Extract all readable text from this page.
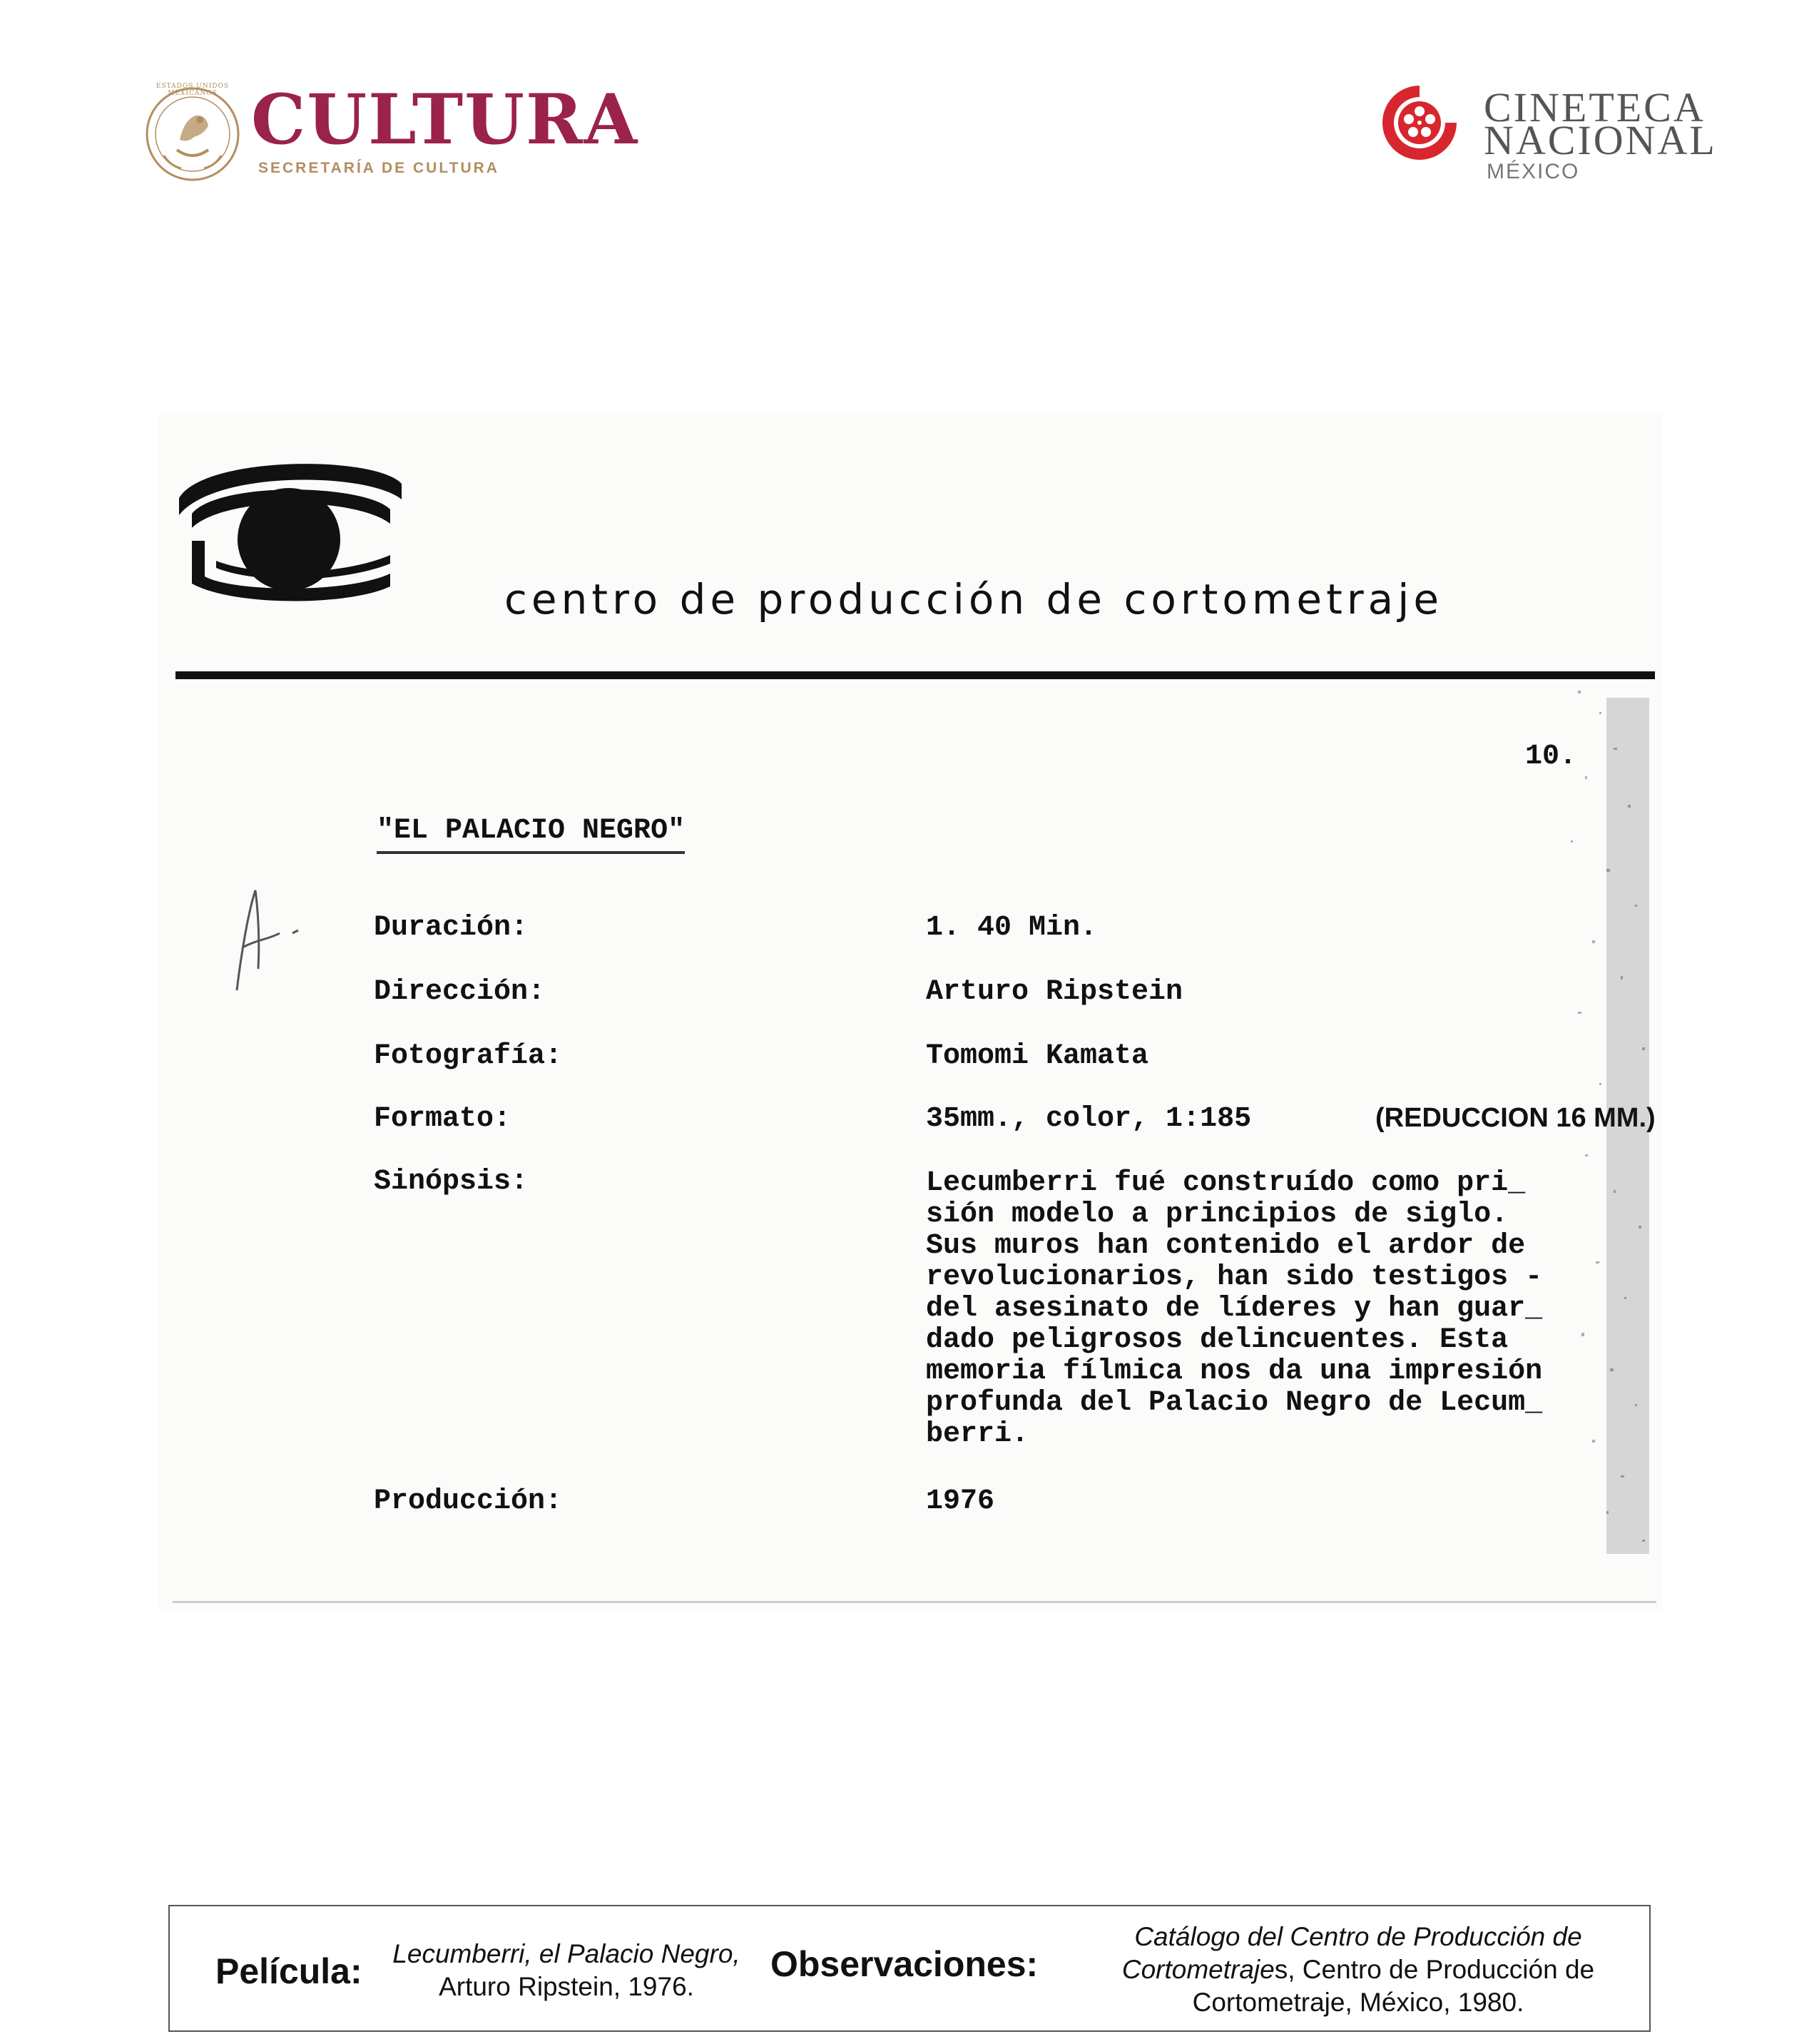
ESTADOS UNIDOS MEXICANOS CULTURA
SECRETARÍA DE CULTURA
CINETECA
NACIONAL
MÉXICO
centro de producción de cortometraje
10.
"EL PALACIO NEGRO"
A
Duración:	1. 40 Min.
Dirección:	Arturo Ripstein
Fotografía:	Tomomi Kamata
Formato:	35mm., color, 1:185	(REDUCCION 16 MM.)
Sinópsis:	Lecumberri fué construído como pri_
sión modelo a principios de siglo.
Sus muros han contenido el ardor de
revolucionarios, han sido testigos -
del asesinato de líderes y han guar_
dado peligrosos delincuentes. Esta
memoria fílmica nos da una impresión
profunda del Palacio Negro de Lecum_
berri.
Producción:	1976
Película:	Lecumberri, el Palacio Negro,
Arturo Ripstein, 1976.
Observaciones:
Catálogo del Centro de Producción de
Cortometrajes, Centro de Producción de
Cortometraje, México, 1980.
